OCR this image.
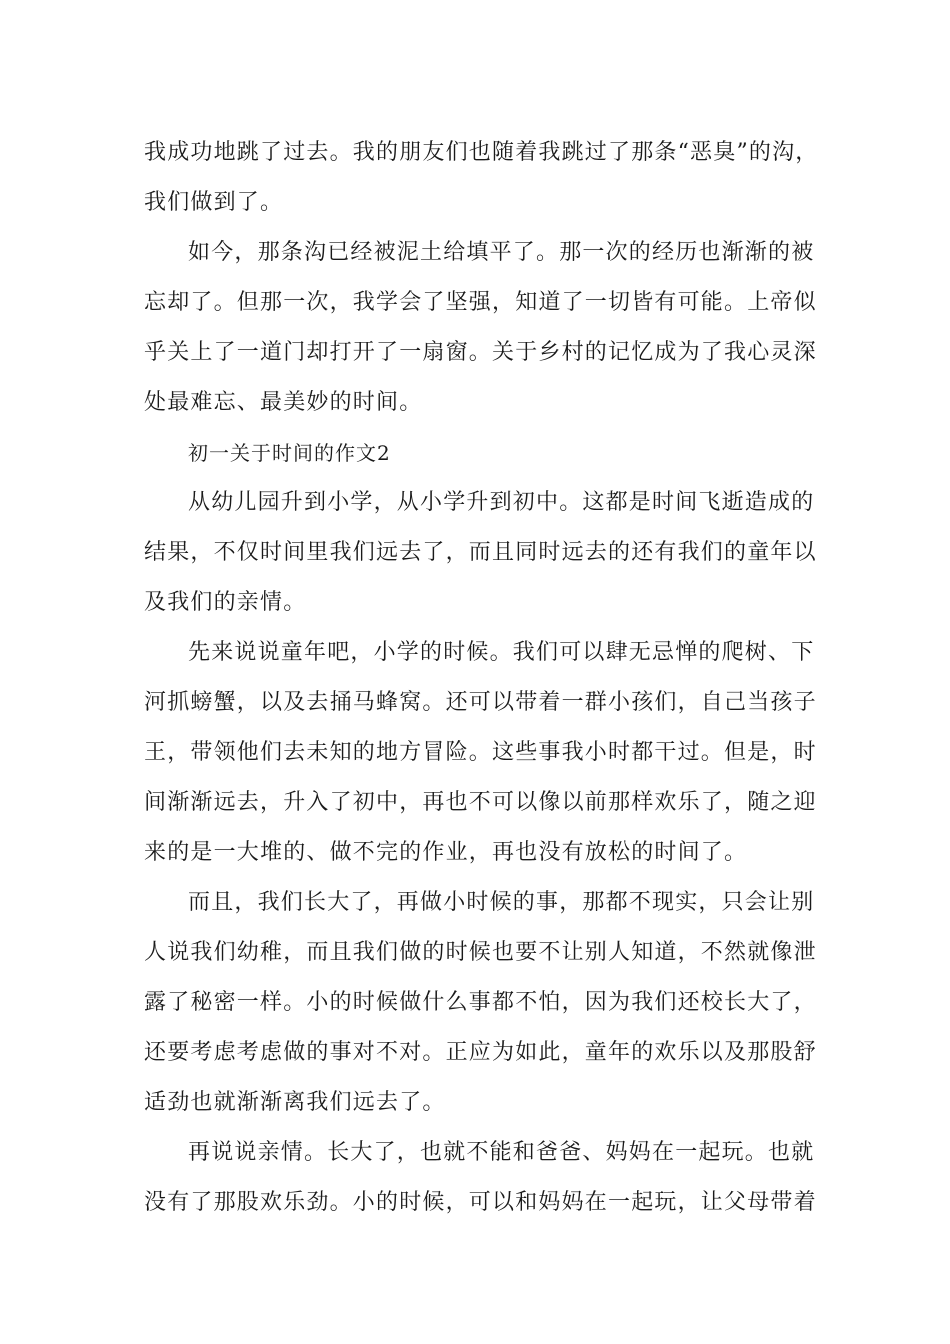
我成功地跳了过去。我的朋友们也随着我跳过了那条“恶臭”的沟，
我们做到了。
如今，那条沟已经被泥土给填平了。那一次的经历也渐渐的被
忘却了。但那一次，我学会了坚强，知道了一切皆有可能。上帝似
乎关上了一道门却打开了一扇窗。关于乡村的记忆成为了我心灵深
处最难忘、最美妙的时间。
初一关于时间的作文2
从幼儿园升到小学，从小学升到初中。这都是时间飞逝造成的
结果，不仅时间里我们远去了，而且同时远去的还有我们的童年以
及我们的亲情。
先来说说童年吧，小学的时候。我们可以肆无忌惮的爬树、下
河抓螃蟹，以及去捅马蜂窝。还可以带着一群小孩们，自己当孩子
王，带领他们去未知的地方冒险。这些事我小时都干过。但是，时
间渐渐远去，升入了初中，再也不可以像以前那样欢乐了，随之迎
来的是一大堆的、做不完的作业，再也没有放松的时间了。
而且，我们长大了，再做小时候的事，那都不现实，只会让别
人说我们幼稚，而且我们做的时候也要不让别人知道，不然就像泄
露了秘密一样。小的时候做什么事都不怕，因为我们还校长大了，
还要考虑考虑做的事对不对。正应为如此，童年的欢乐以及那股舒
适劲也就渐渐离我们远去了。
再说说亲情。长大了，也就不能和爸爸、妈妈在一起玩。也就
没有了那股欢乐劲。小的时候，可以和妈妈在一起玩，让父母带着
